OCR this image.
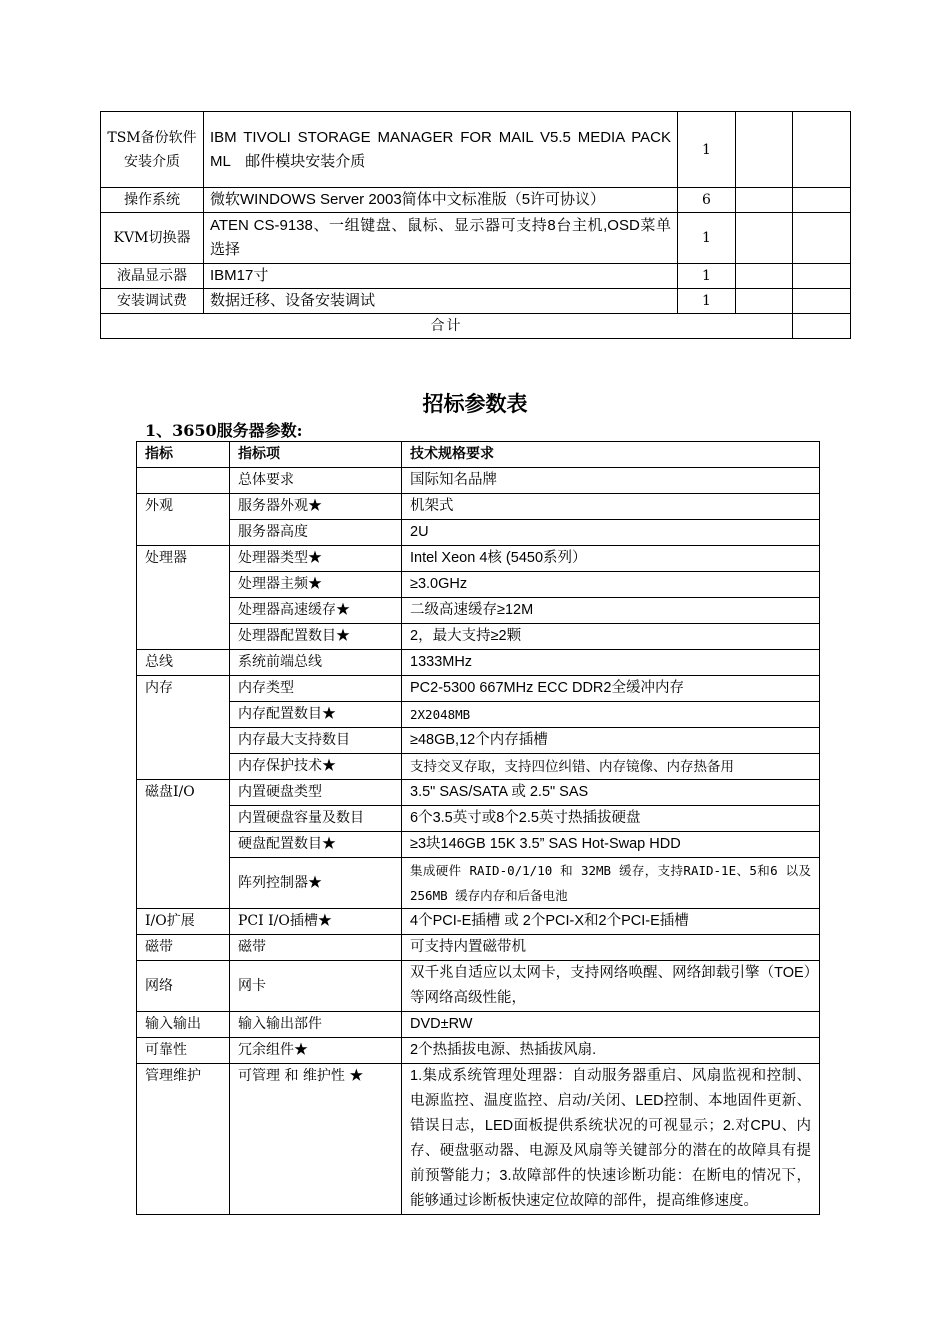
TSM备份软件安装介质	IBM TIVOLI STORAGE MANAGER FOR MAIL V5.5 MEDIA PACK ML　邮件模块安装介质	1		
操作系统	微软WINDOWS Server 2003简体中文标准版（5许可协议）	6		
KVM切换器	ATEN CS-9138、一组键盘、鼠标、显示器可支持8台主机,OSD菜单选择	1		
液晶显示器	IBM17寸	1		
安装调试费	数据迁移、设备安装调试	1		
合计				
招标参数表
1、3650服务器参数:
指标	指标项	技术规格要求
	总体要求	国际知名品牌
外观	服务器外观★	机架式
	服务器高度	2U
处理器	处理器类型★	Intel Xeon 4核 (5450系列）
	处理器主频★	≥3.0GHz
	处理器高速缓存★	二级高速缓存≥12M
	处理器配置数目★	2，最大支持≥2颗
总线	系统前端总线	1333MHz
内存	内存类型	PC2-5300 667MHz ECC DDR2全缓冲内存
	内存配置数目★	2X2048MB
	内存最大支持数目	≥48GB,12个内存插槽
	内存保护技术★	支持交叉存取，支持四位纠错、内存镜像、内存热备用
磁盘I/O	内置硬盘类型	3.5" SAS/SATA 或 2.5" SAS
	内置硬盘容量及数目	6个3.5英寸或8个2.5英寸热插拔硬盘
	硬盘配置数目★	≥3块146GB 15K 3.5” SAS Hot-Swap HDD
	阵列控制器★	集成硬件 RAID-0/1/10 和 32MB 缓存，支持RAID-1E、5和6 以及 256MB 缓存内存和后备电池
I/O扩展	PCI I/O插槽★	4个PCI-E插槽 或 2个PCI-X和2个PCI-E插槽
磁带	磁带	可支持内置磁带机
网络	网卡	双千兆自适应以太网卡，支持网络唤醒、网络卸载引擎（TOE）等网络高级性能，
输入输出	输入输出部件	DVD±RW
可靠性	冗余组件★	2个热插拔电源、热插拔风扇.
管理维护	可管理 和 维护性 ★	1.集成系统管理处理器：自动服务器重启、风扇监视和控制、电源监控、温度监控、启动/关闭、LED控制、本地固件更新、错误日志，LED面板提供系统状况的可视显示；2.对CPU、内存、硬盘驱动器、电源及风扇等关键部分的潜在的故障具有提前预警能力；3.故障部件的快速诊断功能：在断电的情况下，能够通过诊断板快速定位故障的部件，提高维修速度。
